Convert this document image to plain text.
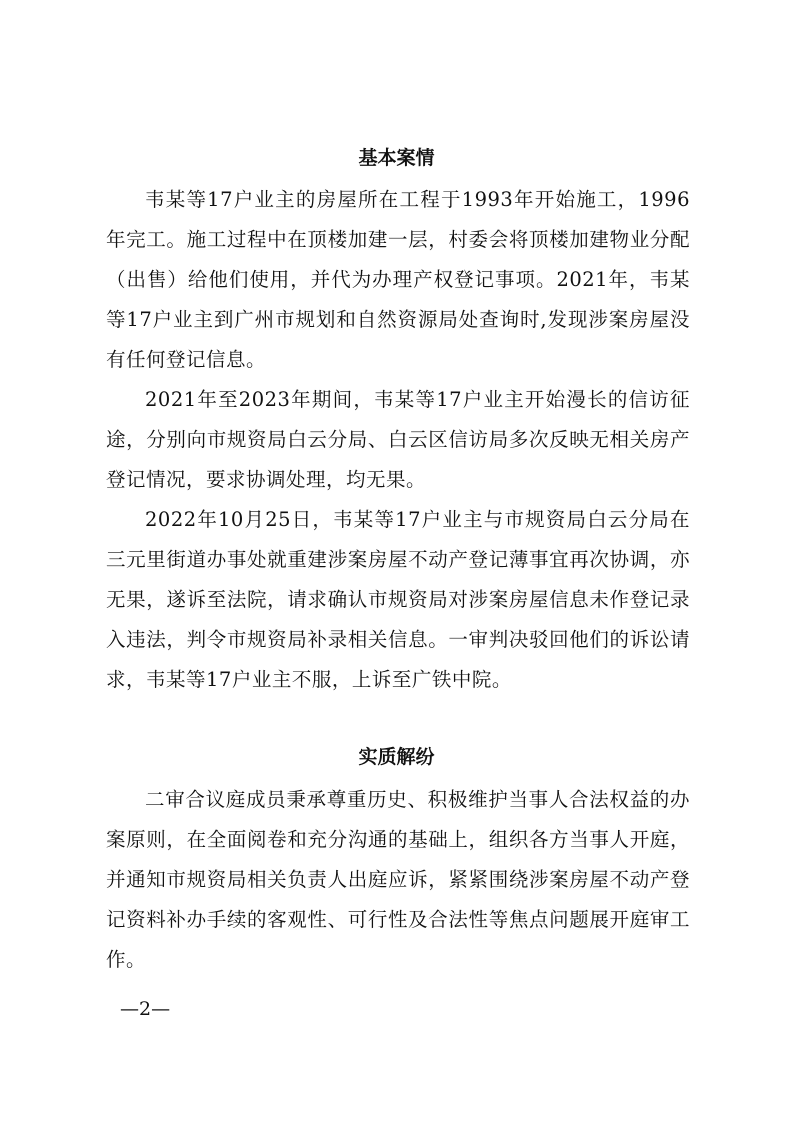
基本案情

韦某等17户业主的房屋所在工程于1993年开始施工，1996年完工。施工过程中在顶楼加建一层，村委会将顶楼加建物业分配（出售）给他们使用，并代为办理产权登记事项。2021年，韦某等17户业主到广州市规划和自然资源局处查询时,发现涉案房屋没有任何登记信息。

2021年至2023年期间，韦某等17户业主开始漫长的信访征途，分别向市规资局白云分局、白云区信访局多次反映无相关房产登记情况，要求协调处理，均无果。

2022年10月25日，韦某等17户业主与市规资局白云分局在三元里街道办事处就重建涉案房屋不动产登记薄事宜再次协调，亦无果，遂诉至法院，请求确认市规资局对涉案房屋信息未作登记录入违法，判令市规资局补录相关信息。一审判决驳回他们的诉讼请求，韦某等17户业主不服，上诉至广铁中院。

实质解纷

二审合议庭成员秉承尊重历史、积极维护当事人合法权益的办案原则，在全面阅卷和充分沟通的基础上，组织各方当事人开庭，并通知市规资局相关负责人出庭应诉，紧紧围绕涉案房屋不动产登记资料补办手续的客观性、可行性及合法性等焦点问题展开庭审工作。

—2—
